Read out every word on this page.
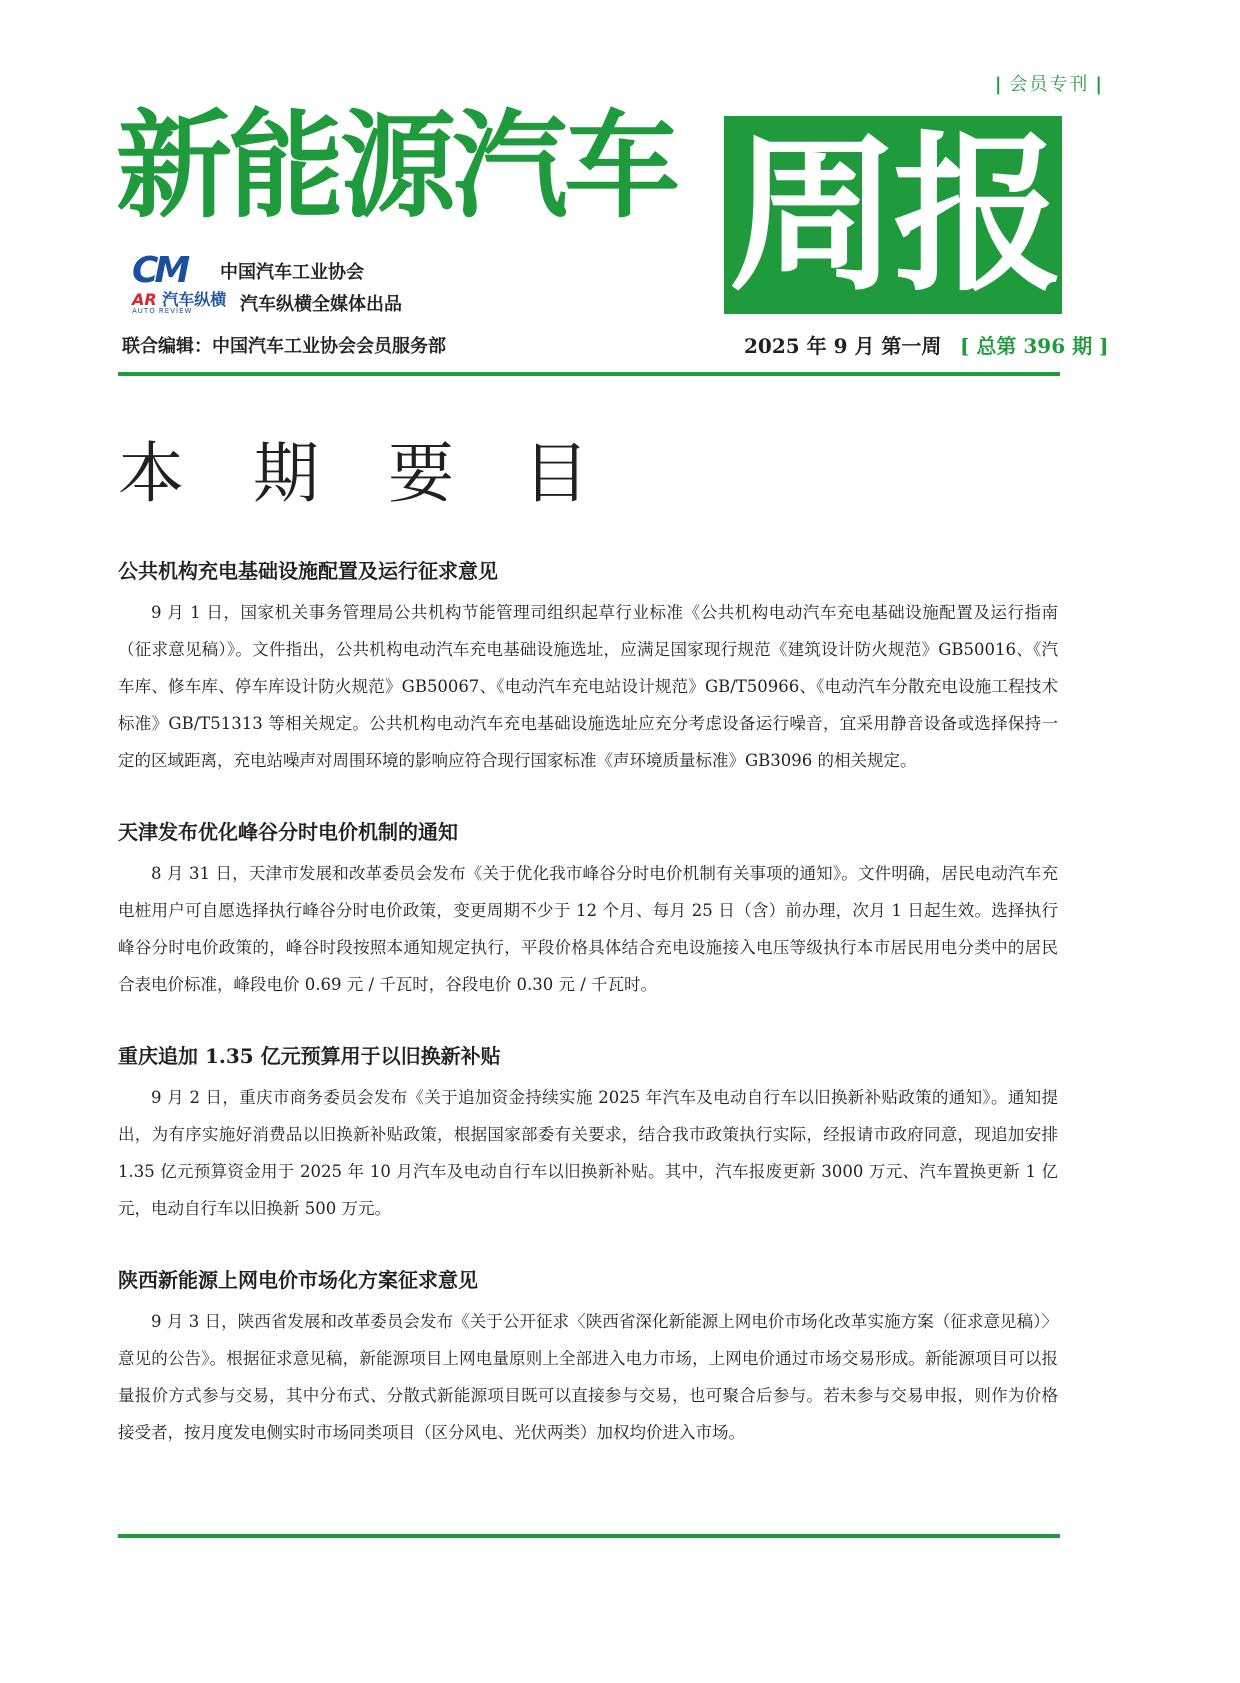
| 会员专刊 |
新能源汽车 周报
CM	中国汽车工业协会
AR 汽车纵横
AUTO REVIEW	汽车纵横全媒体出品
联合编辑：中国汽车工业协会会员服务部	2025 年 9 月 第一周 [ 总第 396 期 ]
本 期 要 目
公共机构充电基础设施配置及运行征求意见

9 月 1 日，国家机关事务管理局公共机构节能管理司组织起草行业标准《公共机构电动汽车充电基础设施配置及运行指南（征求意见稿）》。文件指出，公共机构电动汽车充电基础设施选址，应满足国家现行规范《建筑设计防火规范》GB50016、《汽车库、修车库、停车库设计防火规范》GB50067、《电动汽车充电站设计规范》GB/T50966、《电动汽车分散充电设施工程技术标准》GB/T51313 等相关规定。公共机构电动汽车充电基础设施选址应充分考虑设备运行噪音，宜采用静音设备或选择保持一定的区域距离，充电站噪声对周围环境的影响应符合现行国家标准《声环境质量标准》GB3096 的相关规定。

天津发布优化峰谷分时电价机制的通知

8 月 31 日，天津市发展和改革委员会发布《关于优化我市峰谷分时电价机制有关事项的通知》。文件明确，居民电动汽车充电桩用户可自愿选择执行峰谷分时电价政策，变更周期不少于 12 个月、每月 25 日（含）前办理，次月 1 日起生效。选择执行峰谷分时电价政策的，峰谷时段按照本通知规定执行，平段价格具体结合充电设施接入电压等级执行本市居民用电分类中的居民合表电价标准，峰段电价 0.69 元 / 千瓦时，谷段电价 0.30 元 / 千瓦时。

重庆追加 1.35 亿元预算用于以旧换新补贴

9 月 2 日，重庆市商务委员会发布《关于追加资金持续实施 2025 年汽车及电动自行车以旧换新补贴政策的通知》。通知提出，为有序实施好消费品以旧换新补贴政策，根据国家部委有关要求，结合我市政策执行实际，经报请市政府同意，现追加安排 1.35 亿元预算资金用于 2025 年 10 月汽车及电动自行车以旧换新补贴。其中，汽车报废更新 3000 万元、汽车置换更新 1 亿元，电动自行车以旧换新 500 万元。

陕西新能源上网电价市场化方案征求意见

9 月 3 日，陕西省发展和改革委员会发布《关于公开征求〈陕西省深化新能源上网电价市场化改革实施方案（征求意见稿）〉意见的公告》。根据征求意见稿，新能源项目上网电量原则上全部进入电力市场，上网电价通过市场交易形成。新能源项目可以报量报价方式参与交易，其中分布式、分散式新能源项目既可以直接参与交易，也可聚合后参与。若未参与交易申报，则作为价格接受者，按月度发电侧实时市场同类项目（区分风电、光伏两类）加权均价进入市场。
